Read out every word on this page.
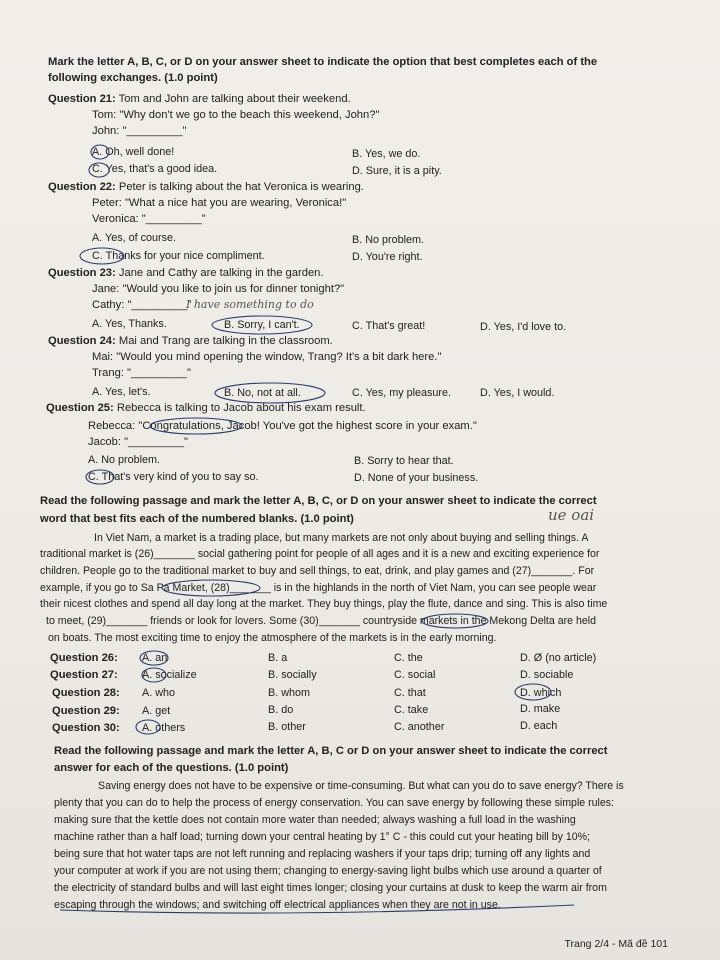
Mark the letter A, B, C, or D on your answer sheet to indicate the option that best completes each of the
following exchanges. (1.0 point)
Question 21: Tom and John are talking about their weekend.
Tom: "Why don't we go to the beach this weekend, John?"
John: "_________"
A. Oh, well done!	B. Yes, we do.
C. Yes, that's a good idea.	D. Sure, it is a pity.
Question 22: Peter is talking about the hat Veronica is wearing.
Peter: "What a nice hat you are wearing, Veronica!"
Veronica: "_________"
A. Yes, of course.	B. No problem.
C. Thanks for your nice compliment.	D. You're right.
Question 23: Jane and Cathy are talking in the garden.
Jane: "Would you like to join us for dinner tonight?"
Cathy: "_________"
I have something to do
A. Yes, Thanks.	B. Sorry, I can't.	C. That's great!	D. Yes, I'd love to.
Question 24: Mai and Trang are talking in the classroom.
Mai: "Would you mind opening the window, Trang? It's a bit dark here."
Trang: "_________"
A. Yes, let's.	B. No, not at all.	C. Yes, my pleasure.	D. Yes, I would.
Question 25: Rebecca is talking to Jacob about his exam result.
Rebecca: "Congratulations, Jacob! You've got the highest score in your exam."
Jacob: "_________"
A. No problem.	B. Sorry to hear that.
C. That's very kind of you to say so.	D. None of your business.
Read the following passage and mark the letter A, B, C, or D on your answer sheet to indicate the correct
word that best fits each of the numbered blanks. (1.0 point)	ue oai
In Viet Nam, a market is a trading place, but many markets are not only about buying and selling things. A
traditional market is (26)_______ social gathering point for people of all ages and it is a new and exciting experience for
children. People go to the traditional market to buy and sell things, to eat, drink, and play games and (27)_______. For
example, if you go to Sa Pa Market, (28)_______ is in the highlands in the north of Viet Nam, you can see people wear
their nicest clothes and spend all day long at the market. They buy things, play the flute, dance and sing. This is also time
to meet, (29)_______ friends or look for lovers. Some (30)_______ countryside markets in the Mekong Delta are held
on boats. The most exciting time to enjoy the atmosphere of the markets is in the early morning.
Question 26: A. an	B. a	C. the	D. Ø (no article)
Question 27: A. socialize	B. socially	C. social	D. sociable
Question 28: A. who	B. whom	C. that	D. which
Question 29: A. get	B. do	C. take	D. make
Question 30: A. others	B. other	C. another	D. each
Read the following passage and mark the letter A, B, C or D on your answer sheet to indicate the correct
answer for each of the questions. (1.0 point)
Saving energy does not have to be expensive or time-consuming. But what can you do to save energy? There is
plenty that you can do to help the process of energy conservation. You can save energy by following these simple rules:
making sure that the kettle does not contain more water than needed; always washing a full load in the washing
machine rather than a half load; turning down your central heating by 1° C - this could cut your heating bill by 10%;
being sure that hot water taps are not left running and replacing washers if your taps drip; turning off any lights and
your computer at work if you are not using them; changing to energy-saving light bulbs which use around a quarter of
the electricity of standard bulbs and will last eight times longer; closing your curtains at dusk to keep the warm air from
escaping through the windows; and switching off electrical appliances when they are not in use.
Trang 2/4 - Mã đề 101
